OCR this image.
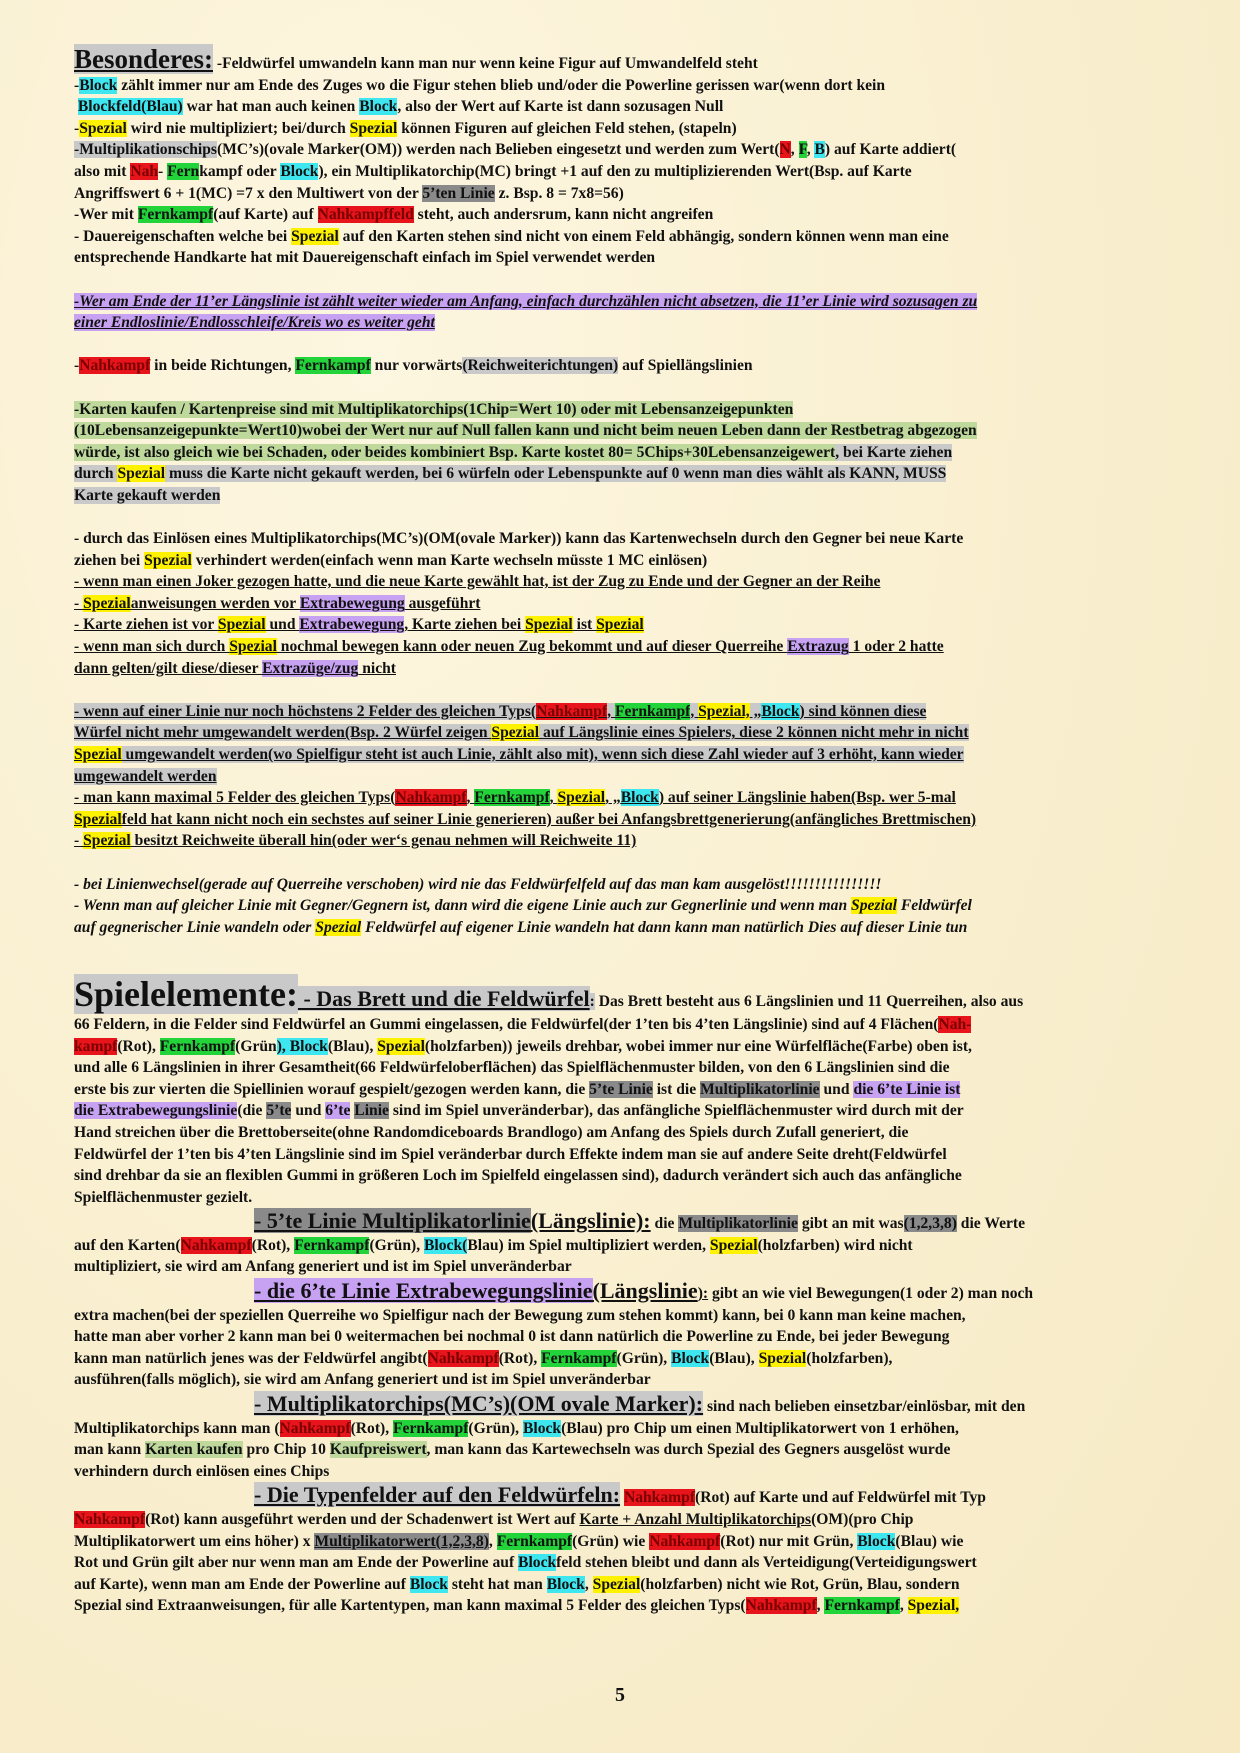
Besonderes: -Feldwürfel umwandeln kann man nur wenn keine Figur auf Umwandelfeld steht

-Block zählt immer nur am Ende des Zuges wo die Figur stehen blieb und/oder die Powerline gerissen war(wenn dort kein

Blockfeld(Blau) war hat man auch keinen Block, also der Wert auf Karte ist dann sozusagen Null

-Spezial wird nie multipliziert; bei/durch Spezial können Figuren auf gleichen Feld stehen, (stapeln)

-Multiplikationschips(MC’s)(ovale Marker(OM)) werden nach Belieben eingesetzt und werden zum Wert(N, F, B) auf Karte addiert(

also mit Nah- Fernkampf oder Block), ein Multiplikatorchip(MC) bringt +1 auf den zu multiplizierenden Wert(Bsp. auf Karte

Angriffswert 6 + 1(MC) =7 x den Multiwert von der 5’ten Linie z. Bsp. 8 = 7x8=56)

-Wer mit Fernkampf(auf Karte) auf Nahkampffeld steht, auch andersrum, kann nicht angreifen

- Dauereigenschaften welche bei Spezial auf den Karten stehen sind nicht von einem Feld abhängig, sondern können wenn man eine

entsprechende Handkarte hat mit Dauereigenschaft einfach im Spiel verwendet werden

-Wer am Ende der 11’er Längslinie ist zählt weiter wieder am Anfang, einfach durchzählen nicht absetzen, die 11’er Linie wird sozusagen zu

einer Endloslinie/Endlosschleife/Kreis wo es weiter geht

-Nahkampf in beide Richtungen, Fernkampf nur vorwärts(Reichweiterichtungen) auf Spiellängslinien

-Karten kaufen / Kartenpreise sind mit Multiplikatorchips(1Chip=Wert 10) oder mit Lebensanzeigepunkten

(10Lebensanzeigepunkte=Wert10)wobei der Wert nur auf Null fallen kann und nicht beim neuen Leben dann der Restbetrag abgezogen

würde, ist also gleich wie bei Schaden, oder beides kombiniert Bsp. Karte kostet 80= 5Chips+30Lebensanzeigewert, bei Karte ziehen

durch Spezial muss die Karte nicht gekauft werden, bei 6 würfeln oder Lebenspunkte auf 0 wenn man dies wählt als KANN, MUSS

Karte gekauft werden

- durch das Einlösen eines Multiplikatorchips(MC’s)(OM(ovale Marker)) kann das Kartenwechseln durch den Gegner bei neue Karte

ziehen bei Spezial verhindert werden(einfach wenn man Karte wechseln müsste 1 MC einlösen)

- wenn man einen Joker gezogen hatte, und die neue Karte gewählt hat, ist der Zug zu Ende und der Gegner an der Reihe

- Spezialanweisungen werden vor Extrabewegung ausgeführt

- Karte ziehen ist vor Spezial und Extrabewegung, Karte ziehen bei Spezial ist Spezial

- wenn man sich durch Spezial nochmal bewegen kann oder neuen Zug bekommt und auf dieser Querreihe Extrazug 1 oder 2 hatte

dann gelten/gilt diese/dieser Extrazüge/zug nicht

- wenn auf einer Linie nur noch höchstens 2 Felder des gleichen Typs(Nahkampf, Fernkampf, Spezial, „Block) sind können diese

Würfel nicht mehr umgewandelt werden(Bsp. 2 Würfel zeigen Spezial auf Längslinie eines Spielers, diese 2 können nicht mehr in nicht

Spezial umgewandelt werden(wo Spielfigur steht ist auch Linie, zählt also mit), wenn sich diese Zahl wieder auf 3 erhöht, kann wieder

umgewandelt werden

- man kann maximal 5 Felder des gleichen Typs(Nahkampf, Fernkampf, Spezial, „Block) auf seiner Längslinie haben(Bsp. wer 5-mal

Spezialfeld hat kann nicht noch ein sechstes auf seiner Linie generieren) außer bei Anfangsbrettgenerierung(anfängliches Brettmischen)

- Spezial besitzt Reichweite überall hin(oder wer‘s genau nehmen will Reichweite 11)

- bei Linienwechsel(gerade auf Querreihe verschoben) wird nie das Feldwürfelfeld auf das man kam ausgelöst!!!!!!!!!!!!!!!!

- Wenn man auf gleicher Linie mit Gegner/Gegnern ist, dann wird die eigene Linie auch zur Gegnerlinie und wenn man Spezial Feldwürfel

auf gegnerischer Linie wandeln oder Spezial Feldwürfel auf eigener Linie wandeln hat dann kann man natürlich Dies auf dieser Linie tun

Spielelemente: - Das Brett und die Feldwürfel: Das Brett besteht aus 6 Längslinien und 11 Querreihen, also aus

66 Feldern, in die Felder sind Feldwürfel an Gummi eingelassen, die Feldwürfel(der 1’ten bis 4’ten Längslinie) sind auf 4 Flächen(Nah-

kampf(Rot), Fernkampf(Grün), Block(Blau), Spezial(holzfarben)) jeweils drehbar, wobei immer nur eine Würfelfläche(Farbe) oben ist,

und alle 6 Längslinien in ihrer Gesamtheit(66 Feldwürfeloberflächen) das Spielflächenmuster bilden, von den 6 Längslinien sind die

erste bis zur vierten die Spiellinien worauf gespielt/gezogen werden kann, die 5’te Linie ist die Multiplikatorlinie und die 6’te Linie ist

die Extrabewegungslinie(die 5’te und 6’te Linie sind im Spiel unveränderbar), das anfängliche Spielflächenmuster wird durch mit der

Hand streichen über die Brettoberseite(ohne Randomdiceboards Brandlogo) am Anfang des Spiels durch Zufall generiert, die

Feldwürfel der 1’ten bis 4’ten Längslinie sind im Spiel veränderbar durch Effekte indem man sie auf andere Seite dreht(Feldwürfel

sind drehbar da sie an flexiblen Gummi in größeren Loch im Spielfeld eingelassen sind), dadurch verändert sich auch das anfängliche

Spielflächenmuster gezielt.

- 5’te Linie Multiplikatorlinie(Längslinie): die Multiplikatorlinie gibt an mit was(1,2,3,8) die Werte

auf den Karten(Nahkampf(Rot), Fernkampf(Grün), Block(Blau) im Spiel multipliziert werden, Spezial(holzfarben) wird nicht

multipliziert, sie wird am Anfang generiert und ist im Spiel unveränderbar

- die 6’te Linie Extrabewegungslinie(Längslinie): gibt an wie viel Bewegungen(1 oder 2) man noch

extra machen(bei der speziellen Querreihe wo Spielfigur nach der Bewegung zum stehen kommt) kann, bei 0 kann man keine machen,

hatte man aber vorher 2 kann man bei 0 weitermachen bei nochmal 0 ist dann natürlich die Powerline zu Ende, bei jeder Bewegung

kann man natürlich jenes was der Feldwürfel angibt(Nahkampf(Rot), Fernkampf(Grün), Block(Blau), Spezial(holzfarben),

ausführen(falls möglich), sie wird am Anfang generiert und ist im Spiel unveränderbar

- Multiplikatorchips(MC’s)(OM ovale Marker): sind nach belieben einsetzbar/einlösbar, mit den

Multiplikatorchips kann man (Nahkampf(Rot), Fernkampf(Grün), Block(Blau) pro Chip um einen Multiplikatorwert von 1 erhöhen,

man kann Karten kaufen pro Chip 10 Kaufpreiswert, man kann das Kartewechseln was durch Spezial des Gegners ausgelöst wurde

verhindern durch einlösen eines Chips

- Die Typenfelder auf den Feldwürfeln: Nahkampf(Rot) auf Karte und auf Feldwürfel mit Typ

Nahkampf(Rot) kann ausgeführt werden und der Schadenwert ist Wert auf Karte + Anzahl Multiplikatorchips(OM)(pro Chip

Multiplikatorwert um eins höher) x Multiplikatorwert(1,2,3,8), Fernkampf(Grün) wie Nahkampf(Rot) nur mit Grün, Block(Blau) wie

Rot und Grün gilt aber nur wenn man am Ende der Powerline auf Blockfeld stehen bleibt und dann als Verteidigung(Verteidigungswert

auf Karte), wenn man am Ende der Powerline auf Block steht hat man Block, Spezial(holzfarben) nicht wie Rot, Grün, Blau, sondern

Spezial sind Extraanweisungen, für alle Kartentypen, man kann maximal 5 Felder des gleichen Typs(Nahkampf, Fernkampf, Spezial,

5
